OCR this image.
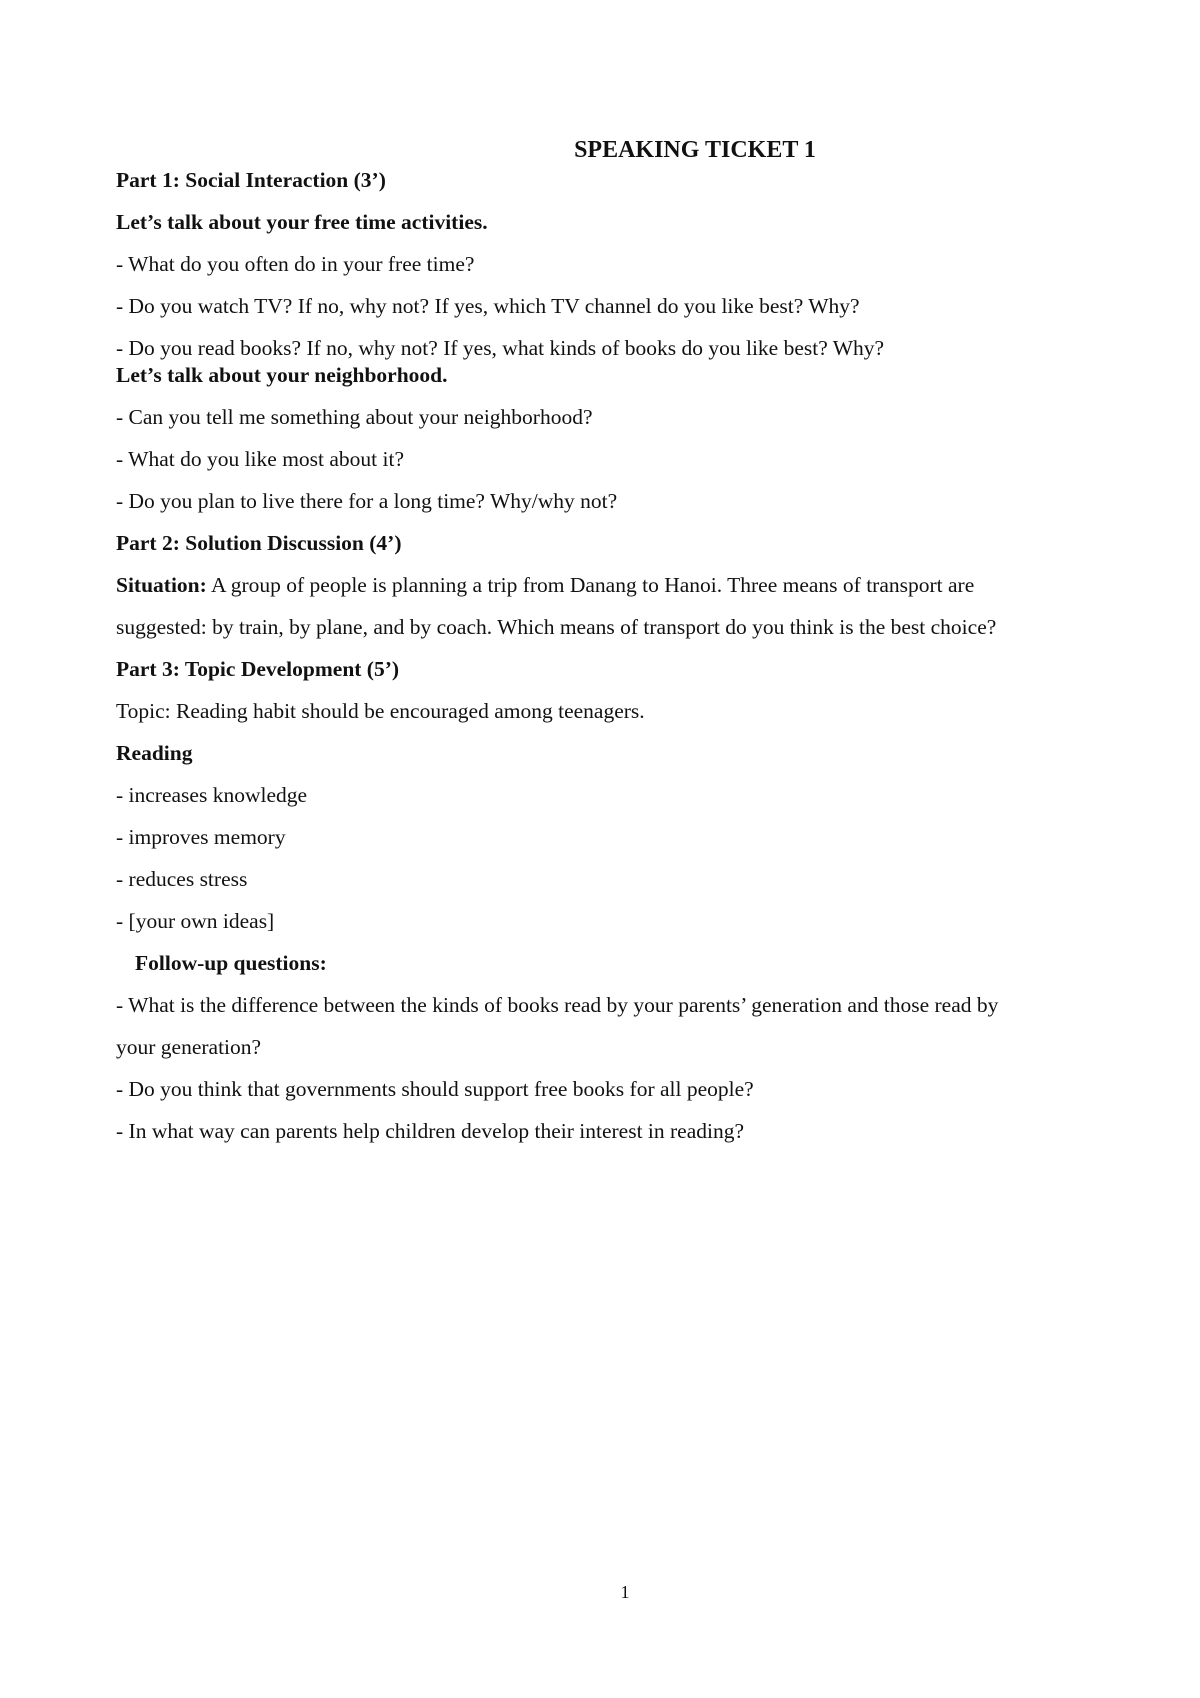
SPEAKING TICKET 1
Part 1: Social Interaction (3’)
Let’s talk about your free time activities.
- What do you often do in your free time?
- Do you watch TV? If no, why not? If yes, which TV channel do you like best? Why?
- Do you read books? If no, why not? If yes, what kinds of books do you like best? Why?
Let’s talk about your neighborhood.
- Can you tell me something about your neighborhood?
- What do you like most about it?
- Do you plan to live there for a long time? Why/why not?
Part 2: Solution Discussion (4’)
Situation: A group of people is planning a trip from Danang to Hanoi. Three means of transport are
suggested: by train, by plane, and by coach. Which means of transport do you think is the best choice?
Part 3: Topic Development (5’)
Topic: Reading habit should be encouraged among teenagers.
Reading
- increases knowledge
- improves memory
- reduces stress
- [your own ideas]
Follow-up questions:
- What is the difference between the kinds of books read by your parents’ generation and those read by
your generation?
- Do you think that governments should support free books for all people?
- In what way can parents help children develop their interest in reading?
1
